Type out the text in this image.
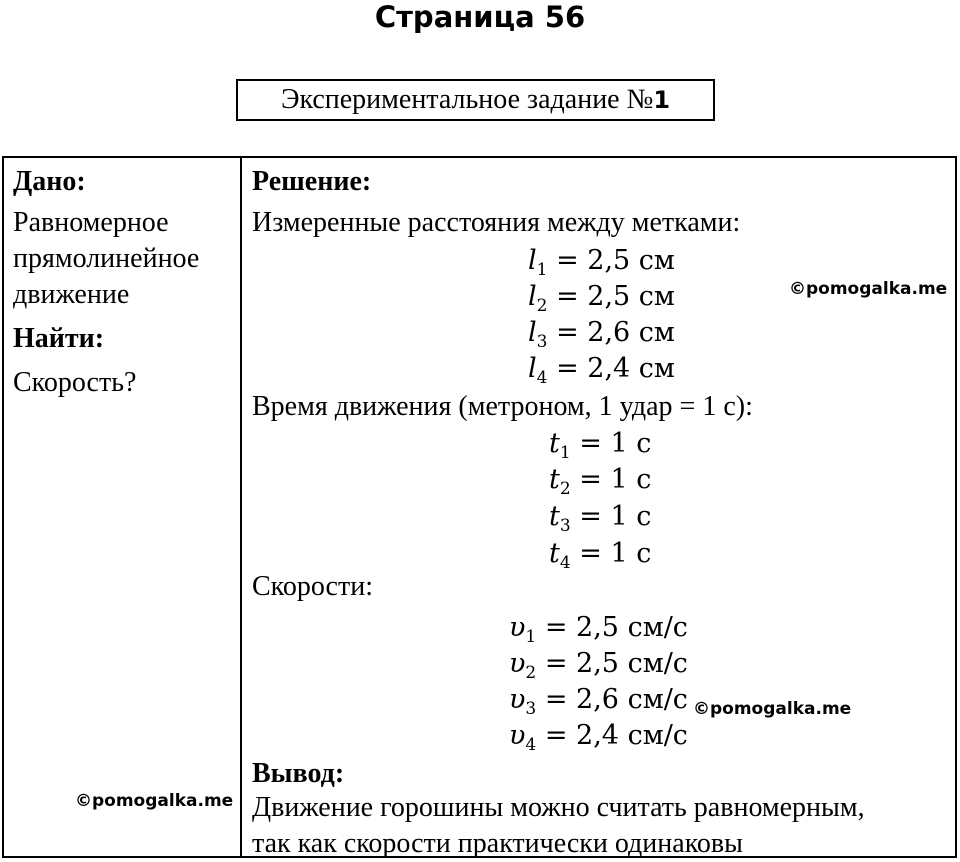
Страница 56
Экспериментальное задание №1
Дано:
Равномерное
прямолинейное
движение
Найти:
Скорость?
Решение:
Измеренные расстояния между метками:
$l_1 = 2,5$ см
$l_2 = 2,5$ см
$l_3 = 2,6$ см
$l_4 = 2,4$ см
Время движения (метроном, 1 удар = 1 с):
$t_1 = 1$ с
$t_2 = 1$ с
$t_3 = 1$ с
$t_4 = 1$ с
Скорости:
$\upsilon_1 = 2,5$ см/с
$\upsilon_2 = 2,5$ см/с
$\upsilon_3 = 2,6$ см/с
$\upsilon_4 = 2,4$ см/с
Вывод:
Движение горошины можно считать равномерным,
так как скорости практически одинаковы
©pomogalka.me
©pomogalka.me
©pomogalka.me
